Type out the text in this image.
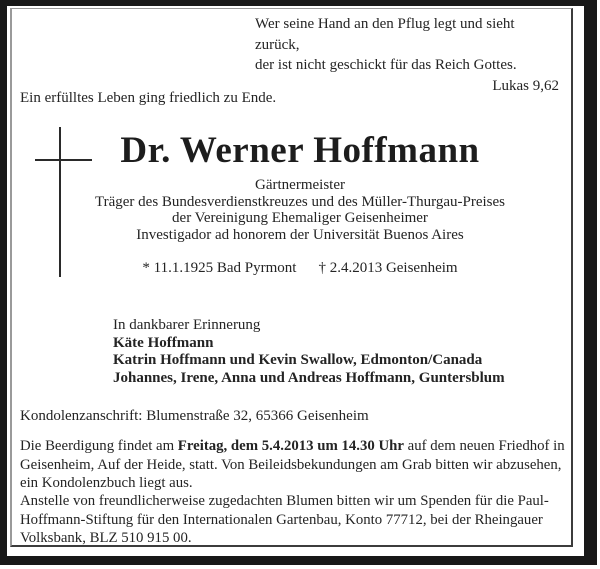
Wer seine Hand an den Pflug legt und sieht zurück,
der ist nicht geschickt für das Reich Gottes.
Lukas 9,62
Ein erfülltes Leben ging friedlich zu Ende.
Dr. Werner Hoffmann
Gärtnermeister
Träger des Bundesverdienstkreuzes und des Müller-Thurgau-Preises
der Vereinigung Ehemaliger Geisenheimer
Investigador ad honorem der Universität Buenos Aires
* 11.1.1925 Bad Pyrmont † 2.4.2013 Geisenheim
In dankbarer Erinnerung
Käte Hoffmann
Katrin Hoffmann und Kevin Swallow, Edmonton/Canada
Johannes, Irene, Anna und Andreas Hoffmann, Guntersblum
Kondolenzanschrift: Blumenstraße 32, 65366 Geisenheim

Die Beerdigung findet am Freitag, dem 5.4.2013 um 14.30 Uhr auf dem neuen Friedhof in Geisenheim, Auf der Heide, statt. Von Beileidsbekundungen am Grab bitten wir abzusehen, ein Kondolenzbuch liegt aus.

Anstelle von freundlicherweise zugedachten Blumen bitten wir um Spenden für die Paul-Hoffmann-Stiftung für den Internationalen Gartenbau, Konto 77712, bei der Rheingauer Volksbank, BLZ 510 915 00.
